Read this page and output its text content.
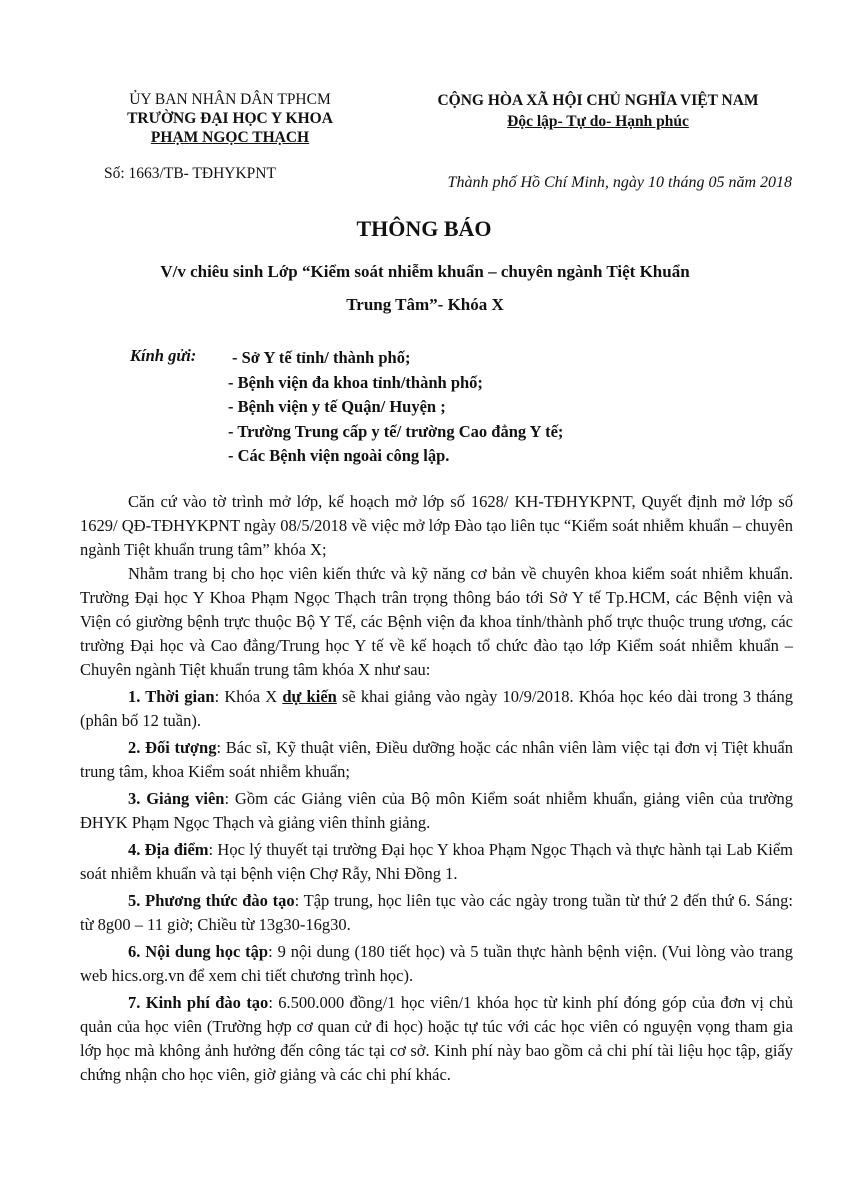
ỦY BAN NHÂN DÂN TPHCM
TRƯỜNG ĐẠI HỌC Y KHOA
PHẠM NGỌC THẠCH
Số: 1663/TB- TĐHYKPNT
CỘNG HÒA XÃ HỘI CHỦ NGHĨA VIỆT NAM
Độc lập- Tự do- Hạnh phúc
Thành phố Hồ Chí Minh, ngày 10 tháng 05 năm 2018
THÔNG BÁO
V/v chiêu sinh Lớp “Kiểm soát nhiễm khuẩn – chuyên ngành Tiệt Khuẩn
Trung Tâm”- Khóa X
Kính gửi: - Sở Y tế tỉnh/ thành phố;
- Bệnh viện đa khoa tỉnh/thành phố;
- Bệnh viện y tế Quận/ Huyện ;
- Trường Trung cấp y tế/ trường Cao đẳng Y tế;
- Các Bệnh viện ngoài công lập.

Căn cứ vào tờ trình mở lớp, kế hoạch mở lớp số 1628/ KH-TĐHYKPNT, Quyết định mở lớp số 1629/ QĐ-TĐHYKPNT ngày 08/5/2018 về việc mở lớp Đào tạo liên tục “Kiểm soát nhiễm khuẩn – chuyên ngành Tiệt khuẩn trung tâm” khóa X;

Nhằm trang bị cho học viên kiến thức và kỹ năng cơ bản về chuyên khoa kiểm soát nhiễm khuẩn. Trường Đại học Y Khoa Phạm Ngọc Thạch trân trọng thông báo tới Sở Y tế Tp.HCM, các Bệnh viện và Viện có giường bệnh trực thuộc Bộ Y Tế, các Bệnh viện đa khoa tỉnh/thành phố trực thuộc trung ương, các trường Đại học và Cao đẳng/Trung học Y tế về kế hoạch tổ chức đào tạo lớp Kiểm soát nhiễm khuẩn – Chuyên ngành Tiệt khuẩn trung tâm khóa X như sau:

1. Thời gian: Khóa X dự kiến sẽ khai giảng vào ngày 10/9/2018. Khóa học kéo dài trong 3 tháng (phân bố 12 tuần).

2. Đối tượng: Bác sĩ, Kỹ thuật viên, Điều dưỡng hoặc các nhân viên làm việc tại đơn vị Tiệt khuẩn trung tâm, khoa Kiểm soát nhiễm khuẩn;

3. Giảng viên: Gồm các Giảng viên của Bộ môn Kiểm soát nhiễm khuẩn, giảng viên của trường ĐHYK Phạm Ngọc Thạch và giảng viên thỉnh giảng.

4. Địa điểm: Học lý thuyết tại trường Đại học Y khoa Phạm Ngọc Thạch và thực hành tại Lab Kiểm soát nhiễm khuẩn và tại bệnh viện Chợ Rẫy, Nhi Đồng 1.

5. Phương thức đào tạo: Tập trung, học liên tục vào các ngày trong tuần từ thứ 2 đến thứ 6. Sáng: từ 8g00 – 11 giờ; Chiều từ 13g30-16g30.

6. Nội dung học tập: 9 nội dung (180 tiết học) và 5 tuần thực hành bệnh viện. (Vui lòng vào trang web hics.org.vn để xem chi tiết chương trình học).

7. Kinh phí đào tạo: 6.500.000 đồng/1 học viên/1 khóa học từ kinh phí đóng góp của đơn vị chủ quản của học viên (Trường hợp cơ quan cử đi học) hoặc tự túc với các học viên có nguyện vọng tham gia lớp học mà không ảnh hưởng đến công tác tại cơ sở. Kinh phí này bao gồm cả chi phí tài liệu học tập, giấy chứng nhận cho học viên, giờ giảng và các chi phí khác.
